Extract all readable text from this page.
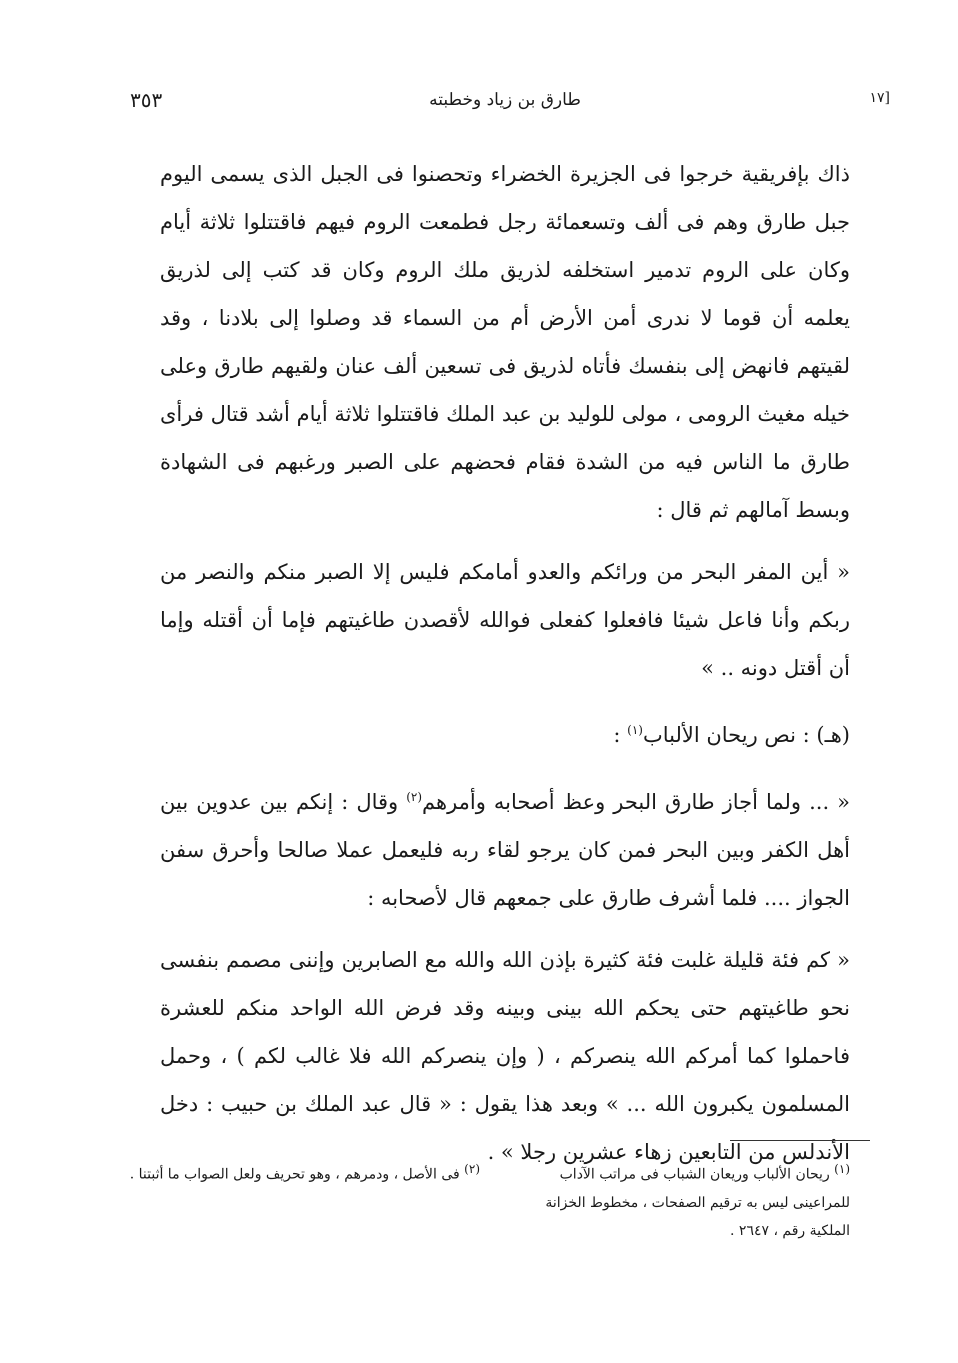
[١٧
طارق بن زياد وخطبته
٣٥٣

ذاك بإفريقية خرجوا فى الجزيرة الخضراء وتحصنوا فى الجبل الذى يسمى اليوم جبل طارق وهم فى ألف وتسعمائة رجل فطمعت الروم فيهم فاقتتلوا ثلاثة أيام وكان على الروم تدمير استخلفه لذريق ملك الروم وكان قد كتب إلى لذريق يعلمه أن قوما لا ندرى أمن الأرض أم من السماء قد وصلوا إلى بلادنا ، وقد لقيتهم فانهض إلى بنفسك فأتاه لذريق فى تسعين ألف عنان ولقيهم طارق وعلى خيله مغيث الرومى ، مولى للوليد بن عبد الملك فاقتتلوا ثلاثة أيام أشد قتال فرأى طارق ما الناس فيه من الشدة فقام فحضهم على الصبر ورغبهم فى الشهادة وبسط آمالهم ثم قال :

« أين المفر البحر من ورائكم والعدو أمامكم فليس إلا الصبر منكم والنصر من ربكم وأنا فاعل شيئا فافعلوا كفعلى فوالله لأقصدن طاغيتهم فإما أن أقتله وإما أن أقتل دونه .. »

(هـ) : نص ريحان الألباب$^{(١)}$ :

« ... ولما أجاز طارق البحر وعظ أصحابه وأمرهم$^{(٢)}$ وقال : إنكم بين عدوين بين أهل الكفر وبين البحر فمن كان يرجو لقاء ربه فليعمل عملا صالحا وأحرق سفن الجواز .... فلما أشرف طارق على جمعهم قال لأصحابه :

« كم فئة قليلة غلبت فئة كثيرة بإذن الله والله مع الصابرين وإننى مصمم بنفسى نحو طاغيتهم حتى يحكم الله بينى وبينه وقد فرض الله الواحد منكم للعشرة فاحملوا كما أمركم الله ينصركم ، ( وإن ينصركم الله فلا غالب لكم ) ، وحمل المسلمون يكبرون الله ... » وبعد هذا يقول : « قال عبد الملك بن حبيب : دخل الأندلس من التابعين زهاء عشرين رجلا » .

$^{(١)}$ ريحان الألباب وريعان الشباب فى مراتب الآداب للمراعينى ليس به ترقيم الصفحات ، مخطوط الخزانة الملكية رقم ، ٢٦٤٧ .
$^{(٢)}$ فى الأصل ، ودمرهم ، وهو تحريف ولعل الصواب ما أثبتنا .
